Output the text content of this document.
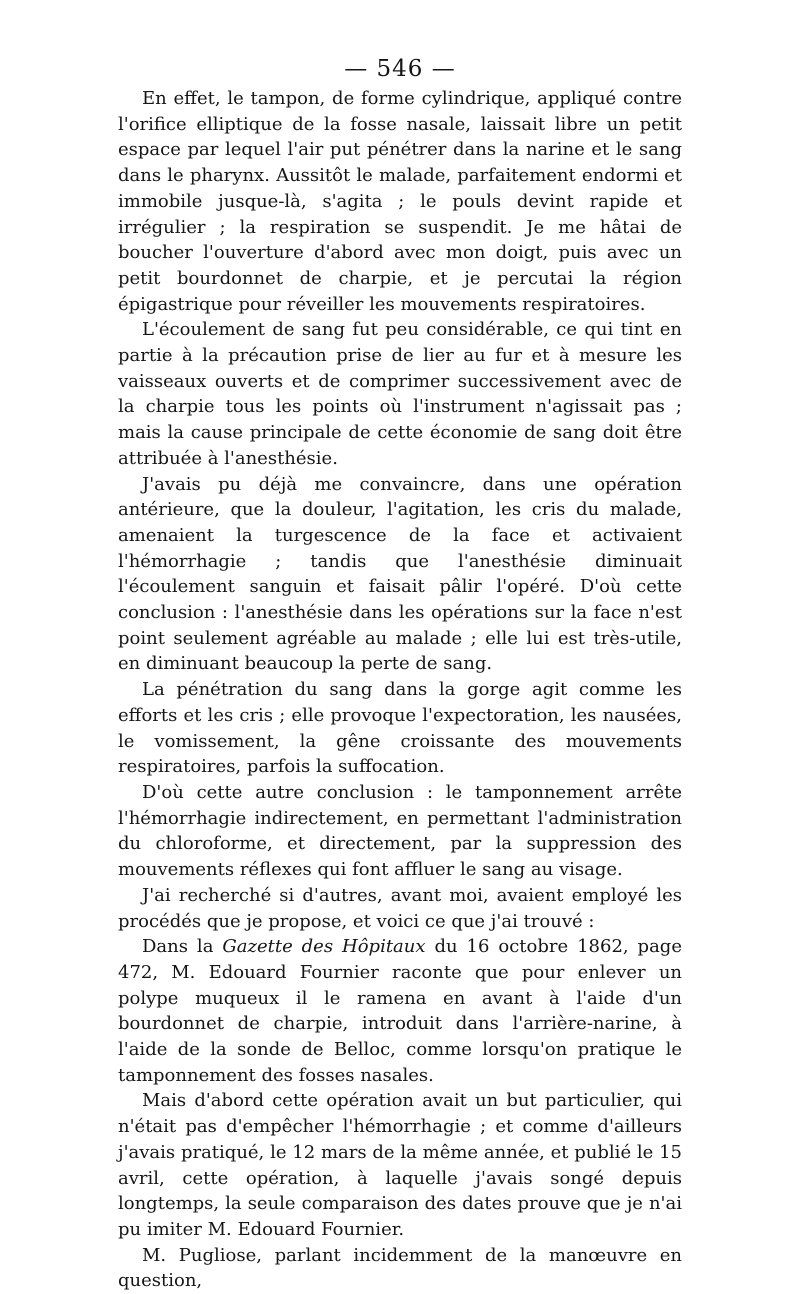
— 546 —

En effet, le tampon, de forme cylindrique, appliqué contre l'orifice elliptique de la fosse nasale, laissait libre un petit espace par lequel l'air put pénétrer dans la narine et le sang dans le pharynx. Aussitôt le malade, parfaitement endormi et immobile jusque-là, s'agita ; le pouls devint rapide et irrégulier ; la respiration se suspendit. Je me hâtai de boucher l'ouverture d'abord avec mon doigt, puis avec un petit bourdonnet de charpie, et je percutai la région épigastrique pour réveiller les mouvements respiratoires.

L'écoulement de sang fut peu considérable, ce qui tint en partie à la précaution prise de lier au fur et à mesure les vaisseaux ouverts et de comprimer successivement avec de la charpie tous les points où l'instrument n'agissait pas ; mais la cause principale de cette économie de sang doit être attribuée à l'anesthésie.

J'avais pu déjà me convaincre, dans une opération antérieure, que la douleur, l'agitation, les cris du malade, amenaient la turgescence de la face et activaient l'hémorrhagie ; tandis que l'anesthésie diminuait l'écoulement sanguin et faisait pâlir l'opéré. D'où cette conclusion : l'anesthésie dans les opérations sur la face n'est point seulement agréable au malade ; elle lui est très-utile, en diminuant beaucoup la perte de sang.

La pénétration du sang dans la gorge agit comme les efforts et les cris ; elle provoque l'expectoration, les nausées, le vomissement, la gêne croissante des mouvements respiratoires, parfois la suffocation.

D'où cette autre conclusion : le tamponnement arrête l'hémorrhagie indirectement, en permettant l'administration du chloroforme, et directement, par la suppression des mouvements réflexes qui font affluer le sang au visage.

J'ai recherché si d'autres, avant moi, avaient employé les procédés que je propose, et voici ce que j'ai trouvé :

Dans la Gazette des Hôpitaux du 16 octobre 1862, page 472, M. Edouard Fournier raconte que pour enlever un polype muqueux il le ramena en avant à l'aide d'un bourdonnet de charpie, introduit dans l'arrière-narine, à l'aide de la sonde de Belloc, comme lorsqu'on pratique le tamponnement des fosses nasales.

Mais d'abord cette opération avait un but particulier, qui n'était pas d'empêcher l'hémorrhagie ; et comme d'ailleurs j'avais pratiqué, le 12 mars de la même année, et publié le 15 avril, cette opération, à laquelle j'avais songé depuis longtemps, la seule comparaison des dates prouve que je n'ai pu imiter M. Edouard Fournier.

M. Pugliose, parlant incidemment de la manœuvre en question,
